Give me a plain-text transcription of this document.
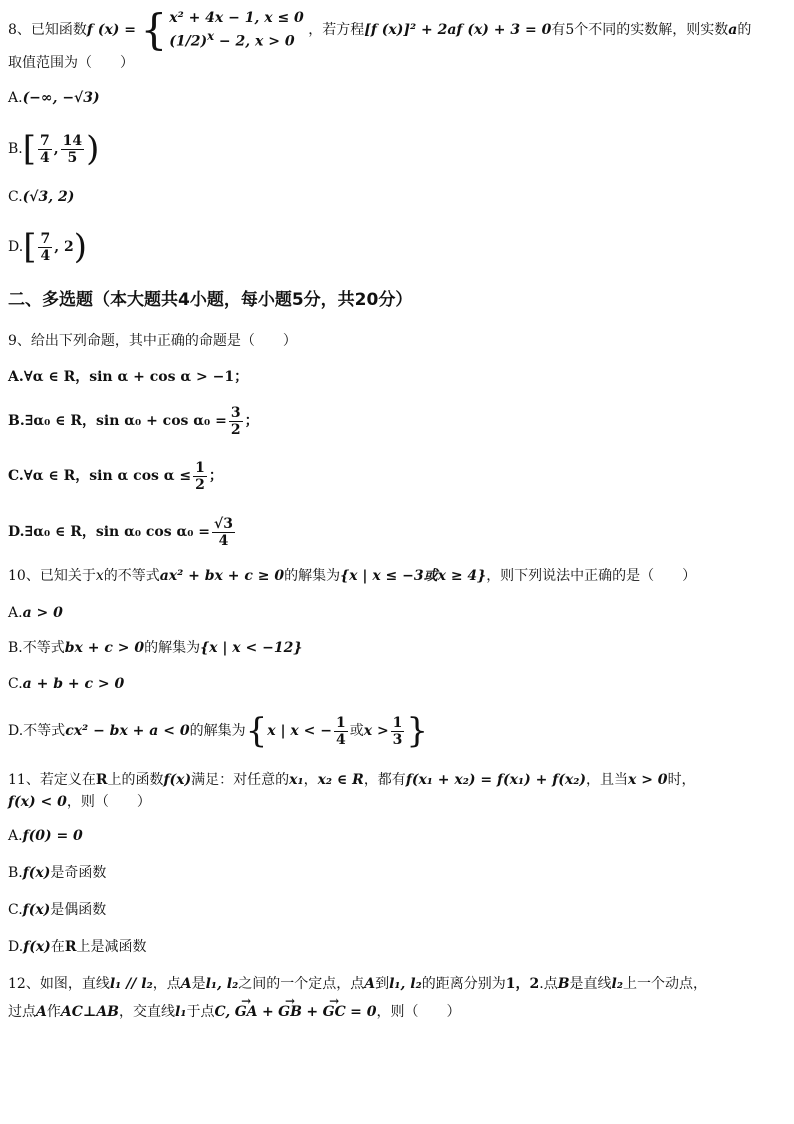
8、已知函数f (x) = { x² + 4x − 1, x ≤ 0
$(1/2)^x - 2$, x > 0
，若方程[f (x)]² + 2af (x) + 3 = 0有5个不同的实数解，则实数a的
取值范围为（　　）
A.(−∞, −√3)
$B.[ \frac{7}{4}$ , $\frac{14}{5}$ )
C.(√3, 2)
$D.[ \frac{7}{4}$ , 2)
二、多选题（本大题共4小题，每小题5分，共20分）
9、给出下列命题，其中正确的命题是（　　）
A.∀α ∈ R，sin α + cos α > −1；
B.∃α₀ ∈ R，$\sin \alpha_0 + \cos \alpha_0 = \frac{3}{2}$ ；
C.∀α ∈ R，sin α $\cos \alpha \le \frac{1}{2}$ ；
D.∃α₀ ∈ R，sin α₀ $\cos \alpha_0 = \frac{√3}{4}$
10、已知关于x的不等式ax² + bx + c ≥ 0的解集为{x | x ≤ −3或x ≥ 4}，则下列说法中正确的是（　　）
A.a > 0
B.不等式bx + c > 0的解集为{x | x < −12}
C.a + b + c > 0
D.不等式cx² − bx + a < 0的解集为{x | x < − $\frac{1}{4}$ 或$x > \frac{1}{3}$ }
11、若定义在R上的函数f(x)满足：对任意的x₁，x₂ ∈ R，都有f(x₁ + x₂) = f(x₁) + f(x₂)，且当x > 0时，
f(x) < 0，则（　　）
A.f(0) = 0
B.f(x)是奇函数
C.f(x)是偶函数
D.f(x)在R上是减函数
12、如图，直线l₁ // l₂，点A是l₁, l₂之间的一个定点，点A到l₁, l₂的距离分别为1，2.点B是直线l₂上一个动点，
过点A作AC⊥AB，交直线l₁于点C, → GA + → GB + → GC = 0，则（　　）
